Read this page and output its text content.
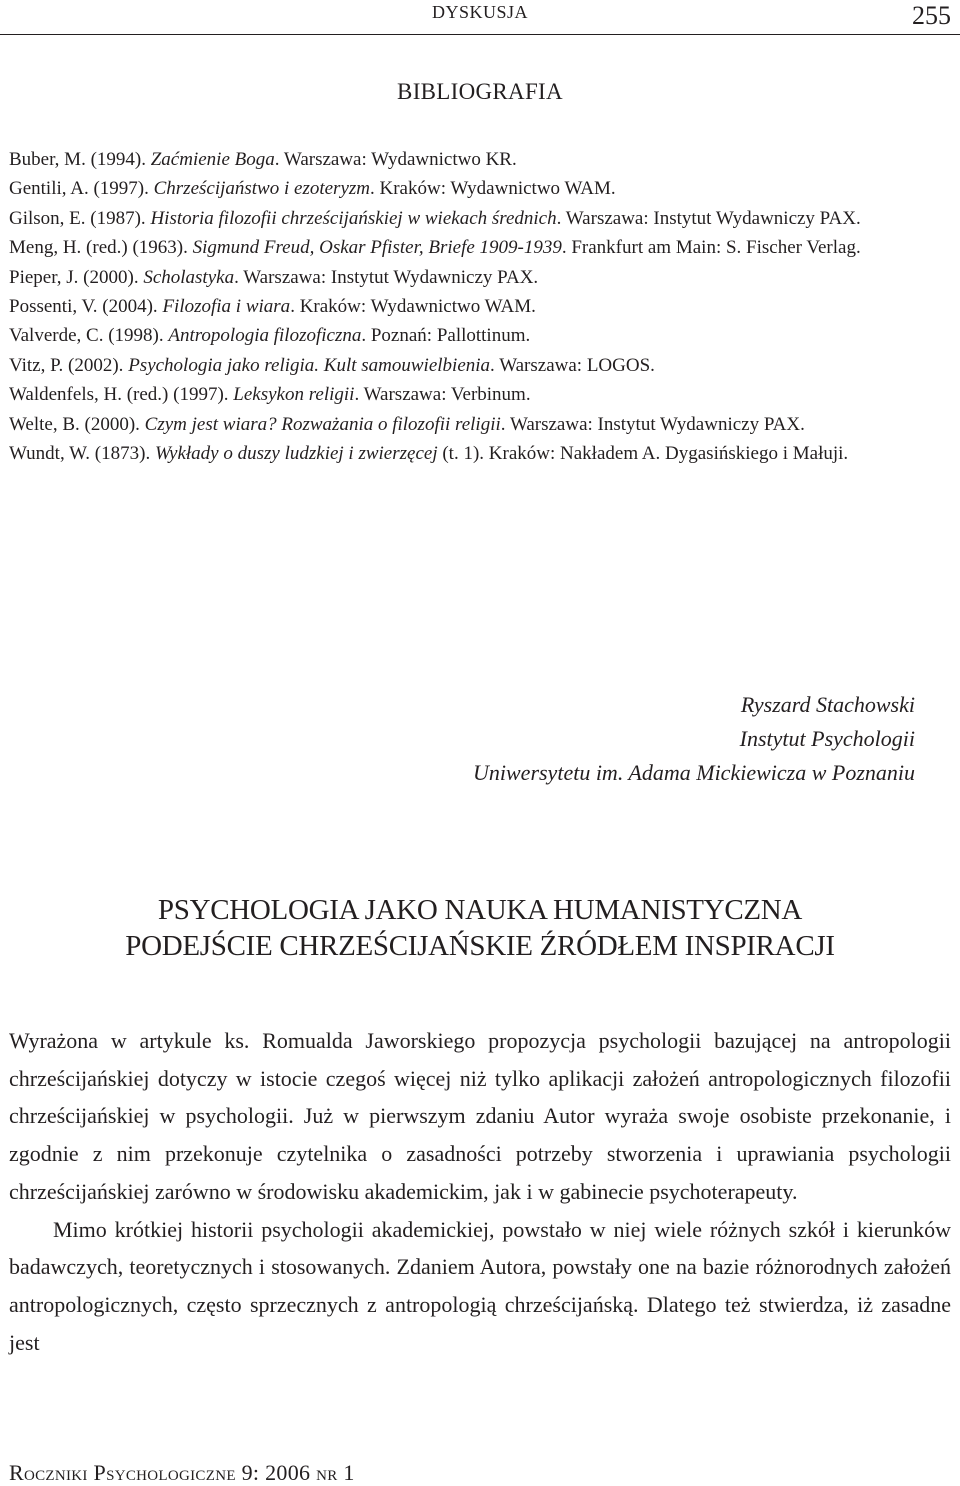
DYSKUSJA	255
BIBLIOGRAFIA
Buber, M. (1994). Zaćmienie Boga. Warszawa: Wydawnictwo KR.
Gentili, A. (1997). Chrześcijaństwo i ezoteryzm. Kraków: Wydawnictwo WAM.
Gilson, E. (1987). Historia filozofii chrześcijańskiej w wiekach średnich. Warszawa: Instytut Wydawniczy PAX.
Meng, H. (red.) (1963). Sigmund Freud, Oskar Pfister, Briefe 1909-1939. Frankfurt am Main: S. Fischer Verlag.
Pieper, J. (2000). Scholastyka. Warszawa: Instytut Wydawniczy PAX.
Possenti, V. (2004). Filozofia i wiara. Kraków: Wydawnictwo WAM.
Valverde, C. (1998). Antropologia filozoficzna. Poznań: Pallottinum.
Vitz, P. (2002). Psychologia jako religia. Kult samouwielbienia. Warszawa: LOGOS.
Waldenfels, H. (red.) (1997). Leksykon religii. Warszawa: Verbinum.
Welte, B. (2000). Czym jest wiara? Rozważania o filozofii religii. Warszawa: Instytut Wydawniczy PAX.
Wundt, W. (1873). Wykłady o duszy ludzkiej i zwierzęcej (t. 1). Kraków: Nakładem A. Dygasińskiego i Małuji.
Ryszard Stachowski
Instytut Psychologii
Uniwersytetu im. Adama Mickiewicza w Poznaniu
PSYCHOLOGIA JAKO NAUKA HUMANISTYCZNA
PODEJŚCIE CHRZEŚCIJAŃSKIE ŹRÓDŁEM INSPIRACJI

Wyrażona w artykule ks. Romualda Jaworskiego propozycja psychologii bazującej na antropologii chrześcijańskiej dotyczy w istocie czegoś więcej niż tylko aplikacji założeń antropologicznych filozofii chrześcijańskiej w psychologii. Już w pierwszym zdaniu Autor wyraża swoje osobiste przekonanie, i zgodnie z nim przekonuje czytelnika o zasadności potrzeby stworzenia i uprawiania psychologii chrześcijańskiej zarówno w środowisku akademickim, jak i w gabinecie psychoterapeuty.

Mimo krótkiej historii psychologii akademickiej, powstało w niej wiele różnych szkół i kierunków badawczych, teoretycznych i stosowanych. Zdaniem Autora, powstały one na bazie różnorodnych założeń antropologicznych, często sprzecznych z antropologią chrześcijańską. Dlatego też stwierdza, iż zasadne jest

Roczniki Psychologiczne 9: 2006 nr 1
